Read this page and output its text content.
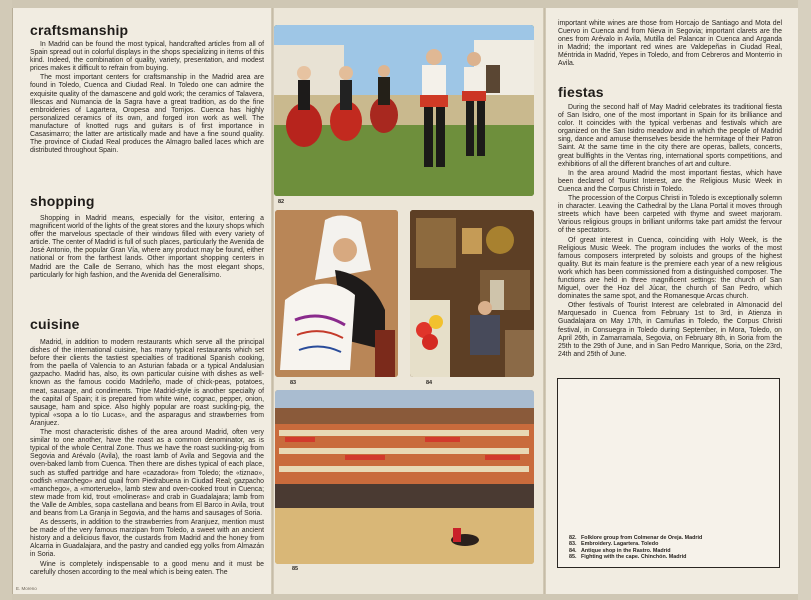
craftsmanship

In Madrid can be found the most typical, handcrafted articles from all of Spain spread out in colorful displays in the shops specializing in items of this kind. Indeed, the combination of quality, variety, presentation, and modest prices makes it difficult to refrain from buying.

The most important centers for craftsmanship in the Madrid area are found in Toledo, Cuenca and Ciudad Real. In Toledo one can admire the exquisite quality of the damascene and gold work; the ceramics of Talavera, Illescas and Numancia de la Sagra have a great tradition, as do the fine embroideries of Lagartera, Oropesa and Torrijos. Cuenca has highly personalized ceramics of its own, and forged iron work as well. The manufacture of knotted rugs and guitars is of first importance in Casasimarro; the latter are artistically made and have a fine sound quality. The province of Ciudad Real produces the Almagro balled laces which are distributed throughout Spain.

shopping

Shopping in Madrid means, especially for the visitor, entering a magnificent world of the lights of the great stores and the luxury shops which offer the marvelous spectacle of their windows filled with every variety of article. The center of Madrid is full of such places, particularly the Avenida de José Antonio, the popular Gran Vía, where any product may be found, either national or from the farthest lands. Other important shopping centers in Madrid are the Calle de Serrano, which has the most elegant shops, particularly for high fashion, and the Avenida del Generalísimo.

cuisine

Madrid, in addition to modern restaurants which serve all the principal dishes of the international cuisine, has many typical restaurants which set before their clients the tastiest specialties of traditional Spanish cooking, from the paella of Valencia to an Asturian fabada or a typical Andalusian gazpacho. Madrid has, also, its own particular cuisine with dishes as well-known as the famous cocido Madrileño, made of chick-peas, potatoes, meat, sausage, and condiments. Tripe Madrid-style is another specialty of the capital of Spain; it is prepared from white wine, cognac, pepper, onion, sausage, ham and spice. Also highly popular are roast suckling-pig, the typical «sopa a lo tío Lucas», and the asparagus and strawberries from Aranjuez.

The most characteristic dishes of the area around Madrid, often very similar to one another, have the roast as a common denominator, as is typical of the whole Central Zone. Thus we have the roast suckling-pig from Segovia and Arévalo (Avila), the roast lamb of Avila and Segovia and the oven-baked lamb from Cuenca. Then there are dishes typical of each place, such as stuffed partridge and hare «cazadora» from Toledo; the «tiznao», codfish «marchego» and quail from Piedrabuena in Ciudad Real; gazpacho «manchego», a «morteruelo», lamb stew and oven-cooked trout in Cuenca; stew made from kid, trout «molineras» and crab in Guadalajara; lamb from the Valle de Ambles, sopa castellana and beans from El Barco in Avila, trout and beans from La Granja in Segovia, and the hams and sausages of Soria.

As desserts, in addition to the strawberries from Aranjuez, mention must be made of the very famous marzipan from Toledo, a sweet with an ancient history and a delicious flavor, the custards from Madrid and the honey from Alcarria in Guadalajara, and the pastry and candied egg yolks from Almazán in Soria.

Wine is completely indispensable to a good menu and it must be carefully chosen according to the meal which is being eaten. The

82
83	84
85

important white wines are those from Horcajo de Santiago and Mota del Cuervo in Cuenca and from Nieva in Segovia; important clarets are the ones from Arévalo in Avila, Mutilla del Palancar in Cuenca and Arganda in Madrid; the important red wines are Valdepeñas in Ciudad Real, Méntrida in Madrid, Yepes in Toledo, and from Cebreros and Monterrio in Avila.

fiestas

During the second half of May Madrid celebrates its traditional fiesta of San Isidro, one of the most important in Spain for its brilliance and color. It coincides with the typical verbenas and festivals which are organized on the San Isidro meadow and in which the people of Madrid sing, dance and amuse themselves beside the hermitage of their Patron Saint. At the same time in the city there are operas, ballets, concerts, great bullfights in the Ventas ring, international sports competitions, and exhibitions of all the different branches of art and culture.

In the area around Madrid the most important fiestas, which have been declared of Tourist Interest, are the Religious Music Week in Cuenca and the Corpus Christi in Toledo.

The procession of the Corpus Christi in Toledo is exceptionally solemn in character. Leaving the Cathedral by the Llana Portal it moves through streets which have been carpeted with thyme and sweet marjoram. Various religious groups in brilliant uniforms take part amidst the fervour of the spectators.

Of great interest in Cuenca, coinciding with Holy Week, is the Religious Music Week. The program includes the works of the most famous composers interpreted by soloists and groups of the highest quality. But its main feature is the premiere each year of a new religious work which has been commissioned from a distinguished composer. The functions are held in three magnificent settings: the church of San Miguel, over the Hoz del Júcar, the church of San Pedro, which dominates the same spot, and the Romanesque Arcas church.

Other festivals of Tourist Interest are celebrated in Almonacid del Marquesado in Cuenca from February 1st to 3rd, in Atienza in Guadalajara on May 17th, in Camuñas in Toledo, the Corpus Christi festival, in Consuegra in Toledo during September, in Mora, Toledo, on April 26th, in Zamarramala, Segovia, on February 8th, in Soria from the 25th to the 29th of June, and in San Pedro Manrique, Soria, on the 23rd, 24th and 25th of June.

82. Folklore group from Colmenar de Oreja. Madrid
83. Embroidery. Lagartera. Toledo
84. Antique shop in the Rastro. Madrid
85. Fighting with the cape. Chinchón. Madrid
E. Moreno
